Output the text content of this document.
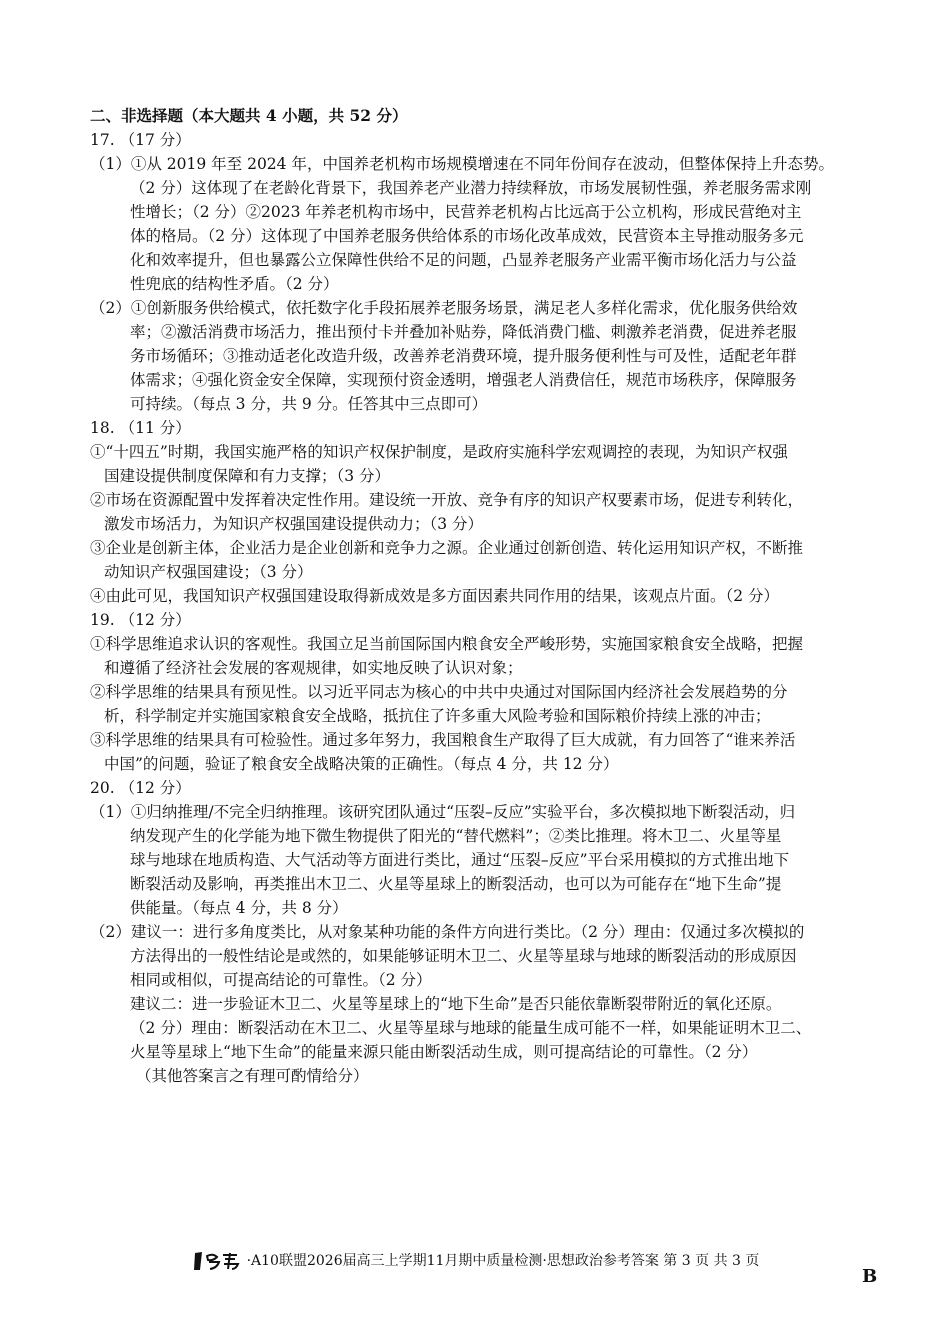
二、非选择题（本大题共 4 小题，共 52 分）
17. （17 分）
（1）①从 2019 年至 2024 年，中国养老机构市场规模增速在不同年份间存在波动，但整体保持上升态势。
（2 分）这体现了在老龄化背景下，我国养老产业潜力持续释放，市场发展韧性强，养老服务需求刚
性增长；（2 分）②2023 年养老机构市场中，民营养老机构占比远高于公立机构，形成民营绝对主
体的格局。（2 分）这体现了中国养老服务供给体系的市场化改革成效，民营资本主导推动服务多元
化和效率提升，但也暴露公立保障性供给不足的问题，凸显养老服务产业需平衡市场化活力与公益
性兜底的结构性矛盾。（2 分）
（2）①创新服务供给模式，依托数字化手段拓展养老服务场景，满足老人多样化需求，优化服务供给效
率；②激活消费市场活力，推出预付卡并叠加补贴券，降低消费门槛、刺激养老消费，促进养老服
务市场循环；③推动适老化改造升级，改善养老消费环境，提升服务便利性与可及性，适配老年群
体需求；④强化资金安全保障，实现预付资金透明，增强老人消费信任，规范市场秩序，保障服务
可持续。（每点 3 分，共 9 分。任答其中三点即可）
18. （11 分）
①“十四五”时期，我国实施严格的知识产权保护制度，是政府实施科学宏观调控的表现，为知识产权强
国建设提供制度保障和有力支撑；（3 分）
②市场在资源配置中发挥着决定性作用。建设统一开放、竞争有序的知识产权要素市场，促进专利转化，
激发市场活力，为知识产权强国建设提供动力；（3 分）
③企业是创新主体，企业活力是企业创新和竞争力之源。企业通过创新创造、转化运用知识产权，不断推
动知识产权强国建设；（3 分）
④由此可见，我国知识产权强国建设取得新成效是多方面因素共同作用的结果，该观点片面。（2 分）
19. （12 分）
①科学思维追求认识的客观性。我国立足当前国际国内粮食安全严峻形势，实施国家粮食安全战略，把握
和遵循了经济社会发展的客观规律，如实地反映了认识对象；
②科学思维的结果具有预见性。以习近平同志为核心的中共中央通过对国际国内经济社会发展趋势的分
析，科学制定并实施国家粮食安全战略，抵抗住了许多重大风险考验和国际粮价持续上涨的冲击；
③科学思维的结果具有可检验性。通过多年努力，我国粮食生产取得了巨大成就，有力回答了“谁来养活
中国”的问题，验证了粮食安全战略决策的正确性。（每点 4 分，共 12 分）
20. （12 分）
（1）①归纳推理/不完全归纳推理。该研究团队通过“压裂–反应”实验平台，多次模拟地下断裂活动，归
纳发现产生的化学能为地下微生物提供了阳光的“替代燃料”；②类比推理。将木卫二、火星等星
球与地球在地质构造、大气活动等方面进行类比，通过“压裂–反应”平台采用模拟的方式推出地下
断裂活动及影响，再类推出木卫二、火星等星球上的断裂活动，也可以为可能存在“地下生命”提
供能量。（每点 4 分，共 8 分）
（2）建议一：进行多角度类比，从对象某种功能的条件方向进行类比。（2 分）理由：仅通过多次模拟的
方法得出的一般性结论是或然的，如果能够证明木卫二、火星等星球与地球的断裂活动的形成原因
相同或相似，可提高结论的可靠性。（2 分）
建议二：进一步验证木卫二、火星等星球上的“地下生命”是否只能依靠断裂带附近的氧化还原。
（2 分）理由：断裂活动在木卫二、火星等星球与地球的能量生成可能不一样，如果能证明木卫二、
火星等星球上“地下生命”的能量来源只能由断裂活动生成，则可提高结论的可靠性。（2 分）
（其他答案言之有理可酌情给分）
·A10联盟2026届高三上学期11月期中质量检测·思想政治参考答案 第 3 页 共 3 页
B
